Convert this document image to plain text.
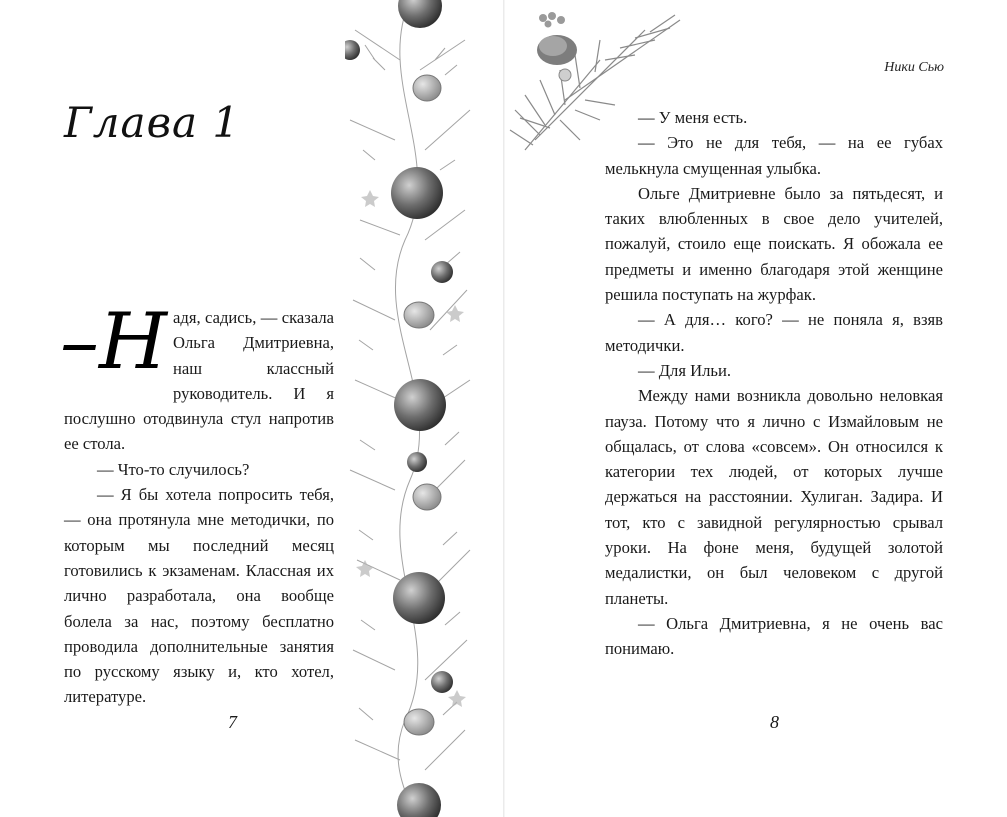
Глава 1

–Н адя, садись, — сказала Ольга Дмитриевна, наш классный руководитель. И я послушно отодвинула стул напротив ее стола.

— Что-то случилось?

— Я бы хотела попросить тебя, — она протянула мне методички, по которым мы последний месяц готовились к экзаменам. Классная их лично разработала, она вообще болела за нас, поэтому бесплатно проводила дополнительные занятия по русскому языку и, кто хотел, литературе.

7
Ники Сью

— У меня есть.

— Это не для тебя, — на ее губах мелькнула смущенная улыбка.

Ольге Дмитриевне было за пятьдесят, и таких влюбленных в свое дело учителей, пожалуй, стоило еще поискать. Я обожала ее предметы и именно благодаря этой женщине решила поступать на журфак.

— А для… кого? — не поняла я, взяв методички.

— Для Ильи.

Между нами возникла довольно неловкая пауза. Потому что я лично с Измайловым не общалась, от слова «совсем». Он относился к категории тех людей, от которых лучше держаться на расстоянии. Хулиган. Задира. И тот, кто с завидной регулярностью срывал уроки. На фоне меня, будущей золотой медалистки, он был человеком с другой планеты.

— Ольга Дмитриевна, я не очень вас понимаю.

8
